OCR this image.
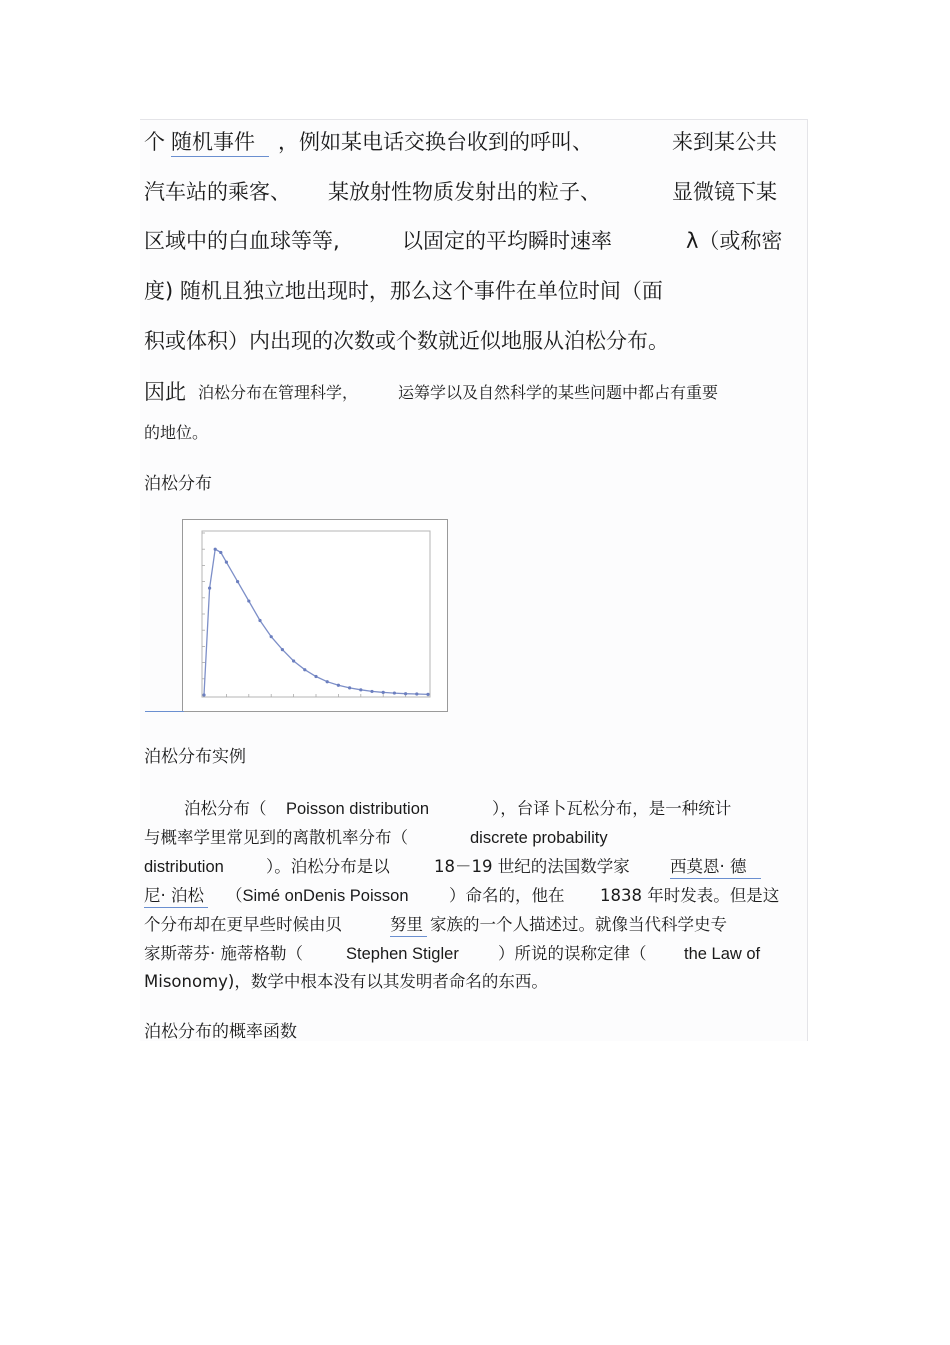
个 随机事件	，例如某电话交换台收到的呼叫、	来到某公共
汽车站的乘客、 某放射性物质发射出的粒子、	显微镜下某
区域中的白血球等等,	以固定的平均瞬时速率	λ（或称密
度) 随机且独立地出现时，那么这个事件在单位时间（面
积或体积）内出现的次数或个数就近似地服从泊松分布。
因此 泊松分布在管理科学， 运筹学以及自然科学的某些问题中都占有重要
的地位。
泊松分布
泊松分布实例
泊松分布（ Poisson distribution	），台译卜瓦松分布，是一种统计
与概率学里常见到的离散机率分布（	discrete probability
distribution	）。泊松分布是以	18－19 世纪的法国数学家 西莫恩· 德
尼· 泊松 （Simé onDenis Poisson ）命名的，他在 1838 年时发表。但是这
个分布却在更早些时候由贝	努里 家族的一个人描述过。就像当代科学史专
家斯蒂芬· 施蒂格勒（	Stephen Stigler ）所说的误称定律（ the Law of
Misonomy)，数学中根本没有以其发明者命名的东西。
泊松分布的概率函数
